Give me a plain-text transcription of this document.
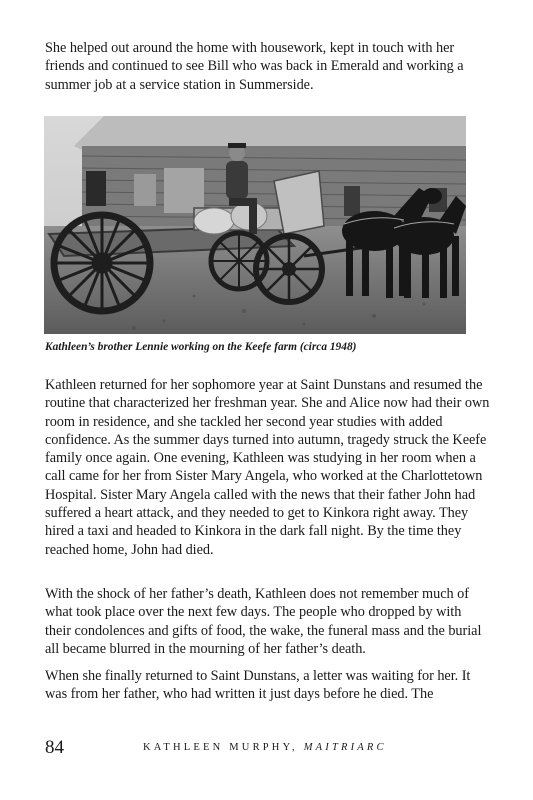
She helped out around the home with housework, kept in touch with her friends and continued to see Bill who was back in Emerald and working a summer job at a service station in Summerside.

Kathleen’s brother Lennie working on the Keefe farm (circa 1948)

Kathleen returned for her sophomore year at Saint Dunstans and resumed the routine that characterized her freshman year. She and Alice now had their own room in residence, and she tackled her second year studies with added confidence. As the summer days turned into autumn, tragedy struck the Keefe family once again. One evening, Kathleen was studying in her room when a call came for her from Sister Mary Angela, who worked at the Charlottetown Hospital. Sister Mary Angela called with the news that their father John had suffered a heart attack, and they needed to get to Kinkora right away. They hired a taxi and headed to Kinkora in the dark fall night. By the time they reached home, John had died.

With the shock of her father’s death, Kathleen does not remember much of what took place over the next few days. The people who dropped by with their condolences and gifts of food, the wake, the funeral mass and the burial all became blurred in the mourning of her father’s death.

When she finally returned to Saint Dunstans, a letter was waiting for her. It was from her father, who had written it just days before he died. The

84	KATHLEEN MURPHY, MAITRIARC
